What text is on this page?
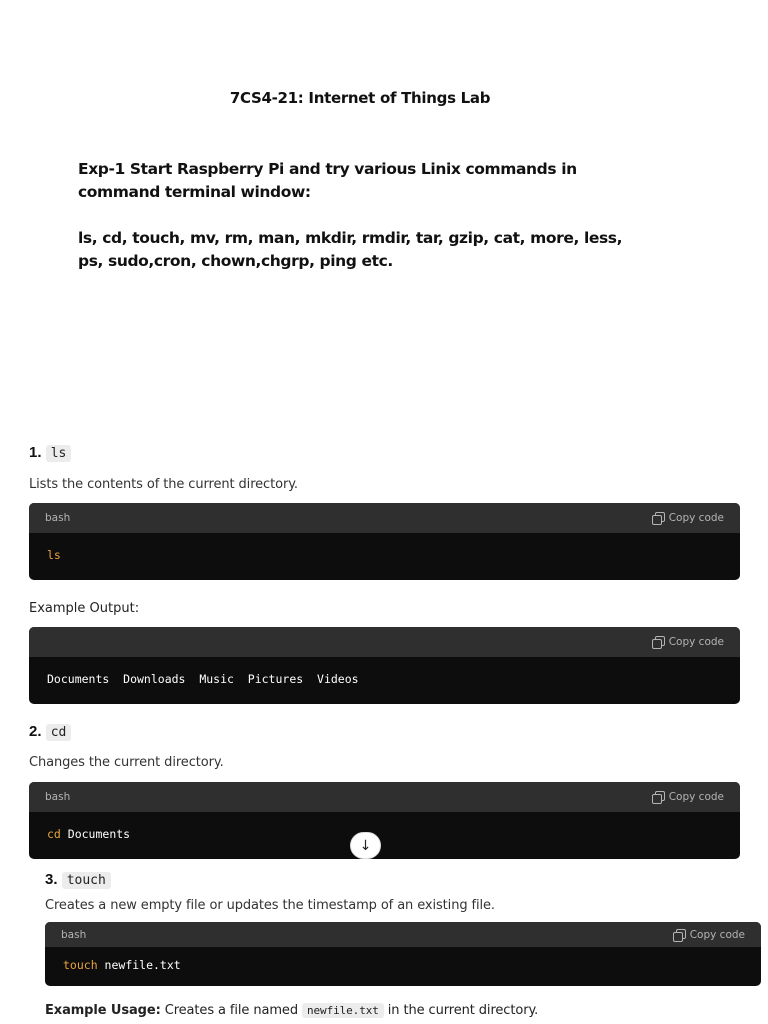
7CS4-21: Internet of Things Lab

Exp-1 Start Raspberry Pi and try various Linix commands in command terminal window:

ls, cd, touch, mv, rm, man, mkdir, rmdir, tar, gzip, cat, more, less, ps, sudo,cron, chown,chgrp, ping etc.

1. ls
Lists the contents of the current directory.
bash	Copy code
ls
Example Output:
Copy code
Documents  Downloads  Music  Pictures  Videos
2. cd
Changes the current directory.
bash	Copy code
cd Documents
↓
3. touch
Creates a new empty file or updates the timestamp of an existing file.
bash	Copy code
touch newfile.txt
Example Usage: Creates a file named newfile.txt in the current directory.
